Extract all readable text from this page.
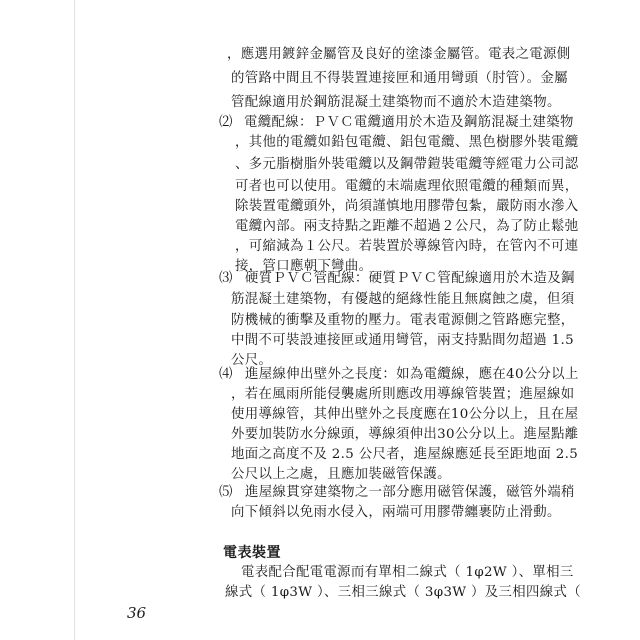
，應選用鍍鋅金屬管及良好的塗漆金屬管。電表之電源側
的管路中間且不得裝置連接匣和通用彎頭（肘管）。金屬
管配線適用於鋼筋混凝土建築物而不適於木造建築物。
⑵ 電纜配線：ＰＶＣ電纜適用於木造及鋼筋混凝土建築物
，其他的電纜如鉛包電纜、鋁包電纜、黑色樹膠外裝電纜
、多元脂樹脂外裝電纜以及鋼帶鎧裝電纜等經電力公司認
可者也可以使用。電纜的末端處理依照電纜的種類而異，
除裝置電纜頭外，尚須謹慎地用膠帶包紮，嚴防雨水滲入
電纜內部。兩支持點之距離不超過２公尺，為了防止鬆弛
，可縮減為１公尺。若裝置於導線管內時，在管內不可連
接，管口應朝下彎曲。
⑶ 硬質ＰＶＣ管配線：硬質ＰＶＣ管配線適用於木造及鋼
筋混凝土建築物，有優越的絕緣性能且無腐蝕之虞，但須
防機械的衝擊及重物的壓力。電表電源側之管路應完整，
中間不可裝設連接匣或通用彎管，兩支持點間勿超過 1.5
公尺。
⑷ 進屋線伸出壁外之長度：如為電纜線，應在40公分以上
，若在風雨所能侵襲處所則應改用導線管裝置；進屋線如
使用導線管，其伸出壁外之長度應在10公分以上，且在屋
外要加裝防水分線頭，導線須伸出30公分以上。進屋點離
地面之高度不及 2.5 公尺者，進屋線應延長至距地面 2.5
公尺以上之處，且應加裝磁管保護。
⑸ 進屋線貫穿建築物之一部分應用磁管保護，磁管外端稍
向下傾斜以免雨水侵入，兩端可用膠帶纏裹防止滑動。
電表裝置
電表配合配電電源而有單相二線式（ 1φ2W ）、單相三
線式（ 1φ3W ）、三相三線式（ 3φ3W ）及三相四線式（
36
